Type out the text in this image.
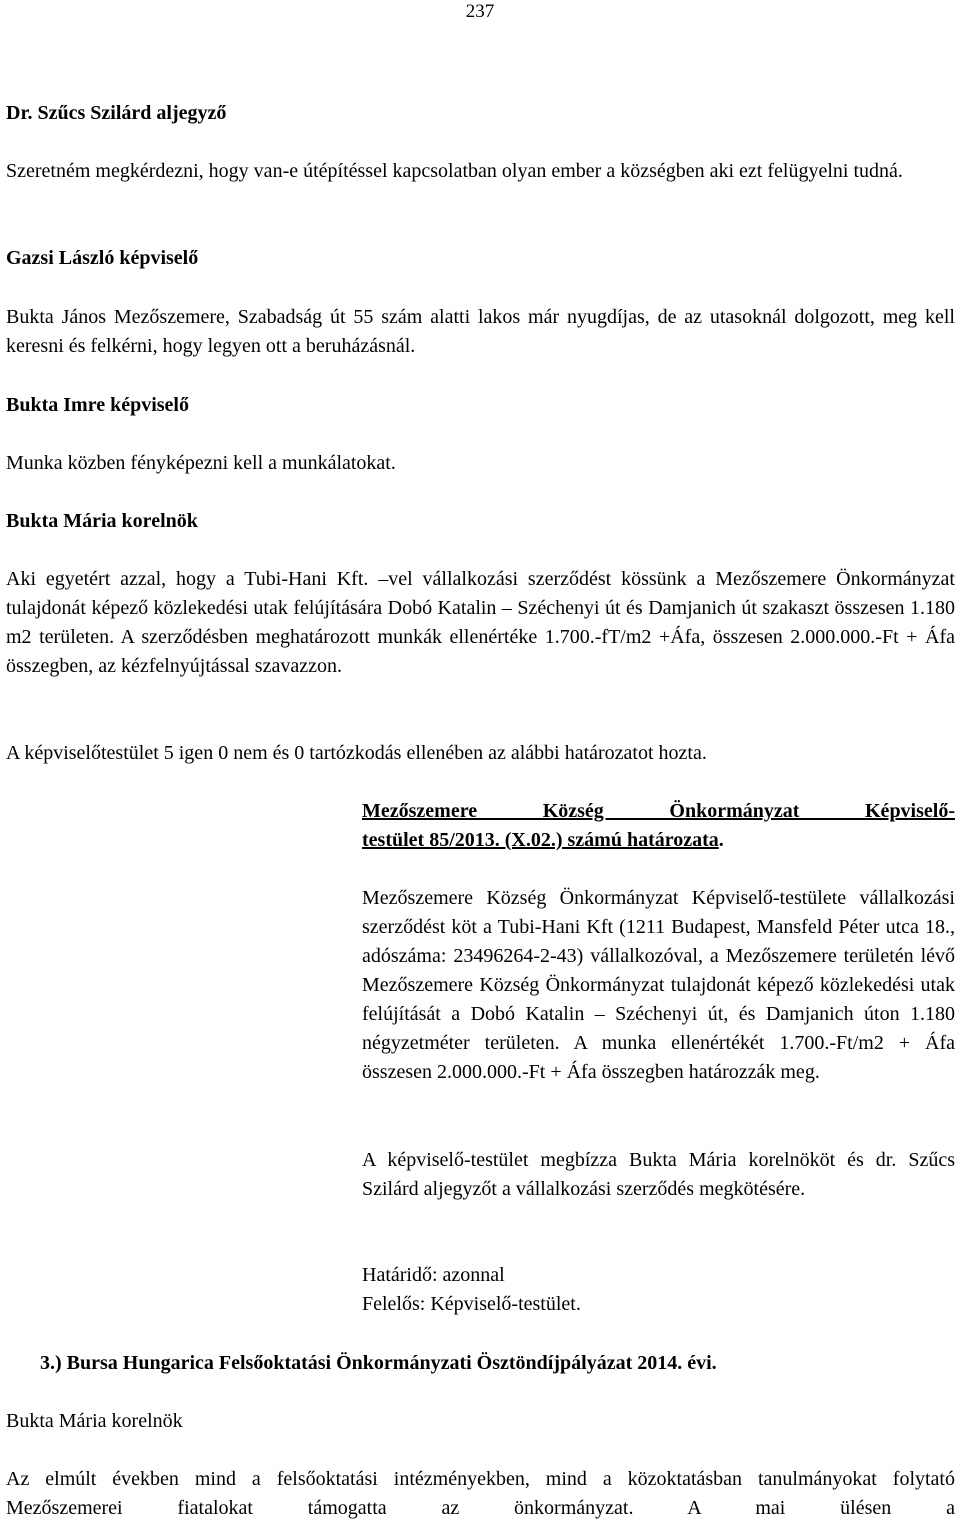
237

Dr. Szűcs Szilárd aljegyző

Szeretném megkérdezni, hogy van-e útépítéssel kapcsolatban olyan ember a községben aki ezt felügyelni tudná.

Gazsi László képviselő

Bukta János Mezőszemere, Szabadság út 55 szám alatti lakos már nyugdíjas, de az utasoknál dolgozott, meg kell keresni és felkérni, hogy legyen ott a beruházásnál.

Bukta Imre képviselő

Munka közben fényképezni kell a munkálatokat.

Bukta Mária korelnök

Aki egyetért azzal, hogy a Tubi-Hani Kft. –vel vállalkozási szerződést kössünk a Mezőszemere Önkormányzat tulajdonát képező közlekedési utak felújítására Dobó Katalin – Széchenyi út és Damjanich út szakaszt összesen 1.180 m2 területen. A szerződésben meghatározott munkák ellenértéke 1.700.-fT/m2 +Áfa, összesen 2.000.000.-Ft + Áfa összegben, az kézfelnyújtással szavazzon.

A képviselőtestület 5 igen 0 nem és 0 tartózkodás ellenében az alábbi határozatot hozta.

Mezőszemere Község Önkormányzat Képviselő-

testület 85/2013. (X.02.) számú határozata.

Mezőszemere Község Önkormányzat Képviselő-testülete vállalkozási szerződést köt a Tubi-Hani Kft (1211 Budapest, Mansfeld Péter utca 18., adószáma: 23496264-2-43) vállalkozóval, a Mezőszemere területén lévő Mezőszemere Község Önkormányzat tulajdonát képező közlekedési utak felújítását a Dobó Katalin – Széchenyi út, és Damjanich úton 1.180 négyzetméter területen. A munka ellenértékét 1.700.-Ft/m2 + Áfa összesen 2.000.000.-Ft + Áfa összegben határozzák meg.

A képviselő-testület megbízza Bukta Mária korelnököt és dr. Szűcs Szilárd aljegyzőt a vállalkozási szerződés megkötésére.

Határidő: azonnal

Felelős: Képviselő-testület.

3.) Bursa Hungarica Felsőoktatási Önkormányzati Ösztöndíjpályázat 2014. évi.

Bukta Mária korelnök

Az elmúlt években mind a felsőoktatási intézményekben, mind a közoktatásban tanulmányokat folytató Mezőszemerei fiatalokat támogatta az önkormányzat. A mai ülésen a
